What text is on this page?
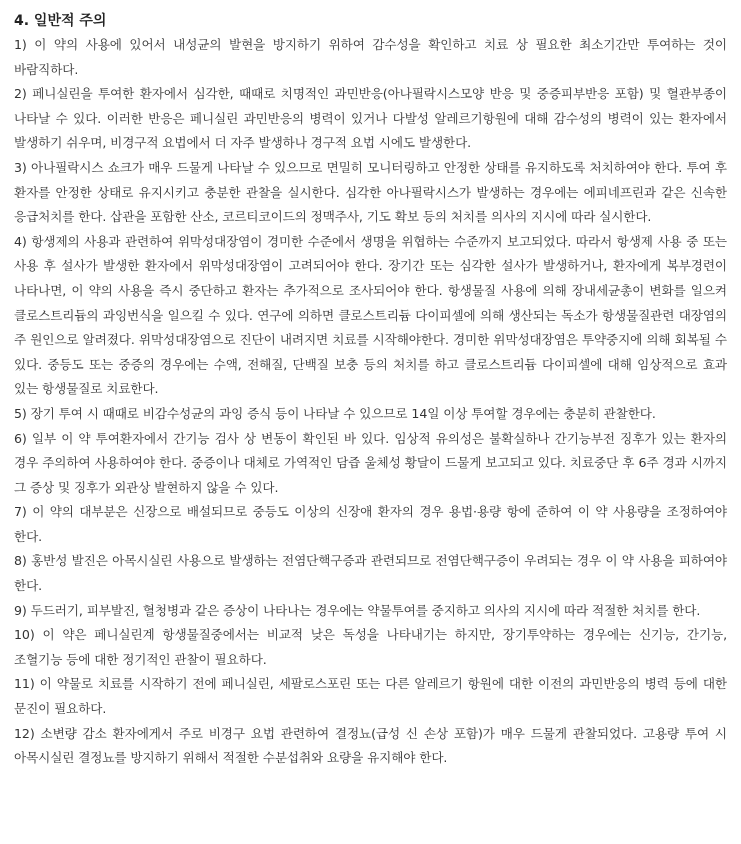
4. 일반적 주의

1) 이 약의 사용에 있어서 내성균의 발현을 방지하기 위하여 감수성을 확인하고 치료 상 필요한 최소기간만 투여하는 것이 바람직하다.

2) 페니실린을 투여한 환자에서 심각한, 때때로 치명적인 과민반응(아나필락시스모양 반응 및 중증피부반응 포함) 및 혈관부종이 나타날 수 있다. 이러한 반응은 페니실린 과민반응의 병력이 있거나 다발성 알레르기항원에 대해 감수성의 병력이 있는 환자에서 발생하기 쉬우며, 비경구적 요법에서 더 자주 발생하나 경구적 요법 시에도 발생한다.

3) 아나필락시스 쇼크가 매우 드물게 나타날 수 있으므로 면밀히 모니터링하고 안정한 상태를 유지하도록 처치하여야 한다. 투여 후 환자를 안정한 상태로 유지시키고 충분한 관찰을 실시한다. 심각한 아나필락시스가 발생하는 경우에는 에피네프린과 같은 신속한 응급처치를 한다. 삽관을 포함한 산소, 코르티코이드의 정맥주사, 기도 확보 등의 처치를 의사의 지시에 따라 실시한다.

4) 항생제의 사용과 관련하여 위막성대장염이 경미한 수준에서 생명을 위협하는 수준까지 보고되었다. 따라서 항생제 사용 중 또는 사용 후 설사가 발생한 환자에서 위막성대장염이 고려되어야 한다. 장기간 또는 심각한 설사가 발생하거나, 환자에게 복부경련이 나타나면, 이 약의 사용을 즉시 중단하고 환자는 추가적으로 조사되어야 한다. 항생물질 사용에 의해 장내세균총이 변화를 일으켜 클로스트리듐의 과잉번식을 일으킬 수 있다. 연구에 의하면 클로스트리듐 다이피셀에 의해 생산되는 독소가 항생물질관련 대장염의 주 원인으로 알려졌다. 위막성대장염으로 진단이 내려지면 치료를 시작해야한다. 경미한 위막성대장염은 투약중지에 의해 회복될 수 있다. 중등도 또는 중증의 경우에는 수액, 전해질, 단백질 보충 등의 처치를 하고 클로스트리듐 다이피셀에 대해 임상적으로 효과 있는 항생물질로 치료한다.

5) 장기 투여 시 때때로 비감수성균의 과잉 증식 등이 나타날 수 있으므로 14일 이상 투여할 경우에는 충분히 관찰한다.

6) 일부 이 약 투여환자에서 간기능 검사 상 변동이 확인된 바 있다. 임상적 유의성은 불확실하나 간기능부전 징후가 있는 환자의 경우 주의하여 사용하여야 한다. 중증이나 대체로 가역적인 담즙 울체성 황달이 드물게 보고되고 있다. 치료중단 후 6주 경과 시까지 그 증상 및 징후가 외관상 발현하지 않을 수 있다.

7) 이 약의 대부분은 신장으로 배설되므로 중등도 이상의 신장애 환자의 경우 용법·용량 항에 준하여 이 약 사용량을 조정하여야 한다.

8) 홍반성 발진은 아목시실린 사용으로 발생하는 전염단핵구증과 관련되므로 전염단핵구증이 우려되는 경우 이 약 사용을 피하여야 한다.

9) 두드러기, 피부발진, 혈청병과 같은 증상이 나타나는 경우에는 약물투여를 중지하고 의사의 지시에 따라 적절한 처치를 한다.

10) 이 약은 페니실린계 항생물질중에서는 비교적 낮은 독성을 나타내기는 하지만, 장기투약하는 경우에는 신기능, 간기능, 조혈기능 등에 대한 정기적인 관찰이 필요하다.

11) 이 약물로 치료를 시작하기 전에 페니실린, 세팔로스포린 또는 다른 알레르기 항원에 대한 이전의 과민반응의 병력 등에 대한 문진이 필요하다.

12) 소변량 감소 환자에게서 주로 비경구 요법 관련하여 결정뇨(급성 신 손상 포함)가 매우 드물게 관찰되었다. 고용량 투여 시 아목시실린 결정뇨를 방지하기 위해서 적절한 수분섭취와 요량을 유지해야 한다.
